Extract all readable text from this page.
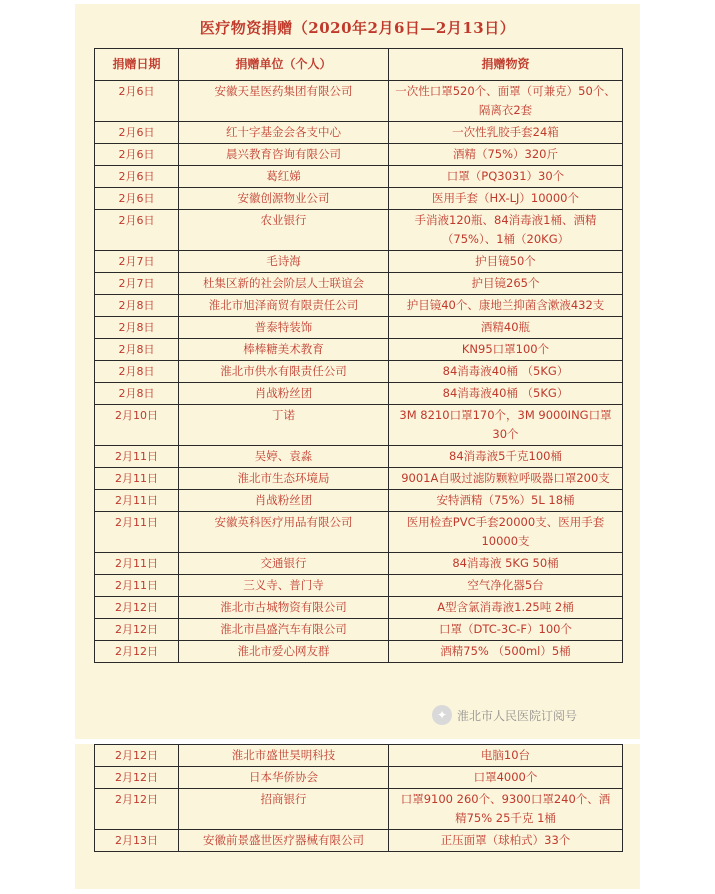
医疗物资捐赠（2020年2月6日—2月13日）
捐赠日期	捐赠单位（个人）	捐赠物资
2月6日	安徽天星医药集团有限公司	一次性口罩520个、面罩（可兼克）50个、隔离衣2套
2月6日	红十字基金会各支中心	一次性乳胶手套24箱
2月6日	晨兴教育咨询有限公司	酒精（75%）320斤
2月6日	葛红娣	口罩（PQ3031）30个
2月6日	安徽创源物业公司	医用手套（HX-LJ）10000个
2月6日	农业银行	手消液120瓶、84消毒液1桶、酒精（75%）、1桶（20KG）
2月7日	毛诗海	护目镜50个
2月7日	杜集区新的社会阶层人士联谊会	护目镜265个
2月8日	淮北市旭泽商贸有限责任公司	护目镜40个、康地兰抑菌含漱液432支
2月8日	普泰特装饰	酒精40瓶
2月8日	棒棒糖美术教育	KN95口罩100个
2月8日	淮北市供水有限责任公司	84消毒液40桶 （5KG）
2月8日	肖战粉丝团	84消毒液40桶 （5KG）
2月10日	丁诺	3M 8210口罩170个，3M 9000ING口罩30个
2月11日	吴婷、袁淼	84消毒液5千克100桶
2月11日	淮北市生态环境局	9001A自吸过滤防颗粒呼吸器口罩200支
2月11日	肖战粉丝团	安特酒精（75%）5L 18桶
2月11日	安徽英科医疗用品有限公司	医用检查PVC手套20000支、医用手套10000支
2月11日	交通银行	84消毒液 5KG 50桶
2月11日	三义寺、普门寺	空气净化器5台
2月12日	淮北市古城物资有限公司	A型含氯消毒液1.25吨 2桶
2月12日	淮北市昌盛汽车有限公司	口罩（DTC-3C-F）100个
2月12日	淮北市爱心网友群	酒精75% （500ml）5桶
2月12日	淮北市盛世昊明科技	电脑10台
2月12日	日本华侨协会	口罩4000个
2月12日	招商银行	口罩9100 260个、9300口罩240个、酒精75% 25千克 1桶
2月13日	安徽前景盛世医疗器械有限公司	正压面罩（球柏式）33个
✦ 淮北市人民医院订阅号
